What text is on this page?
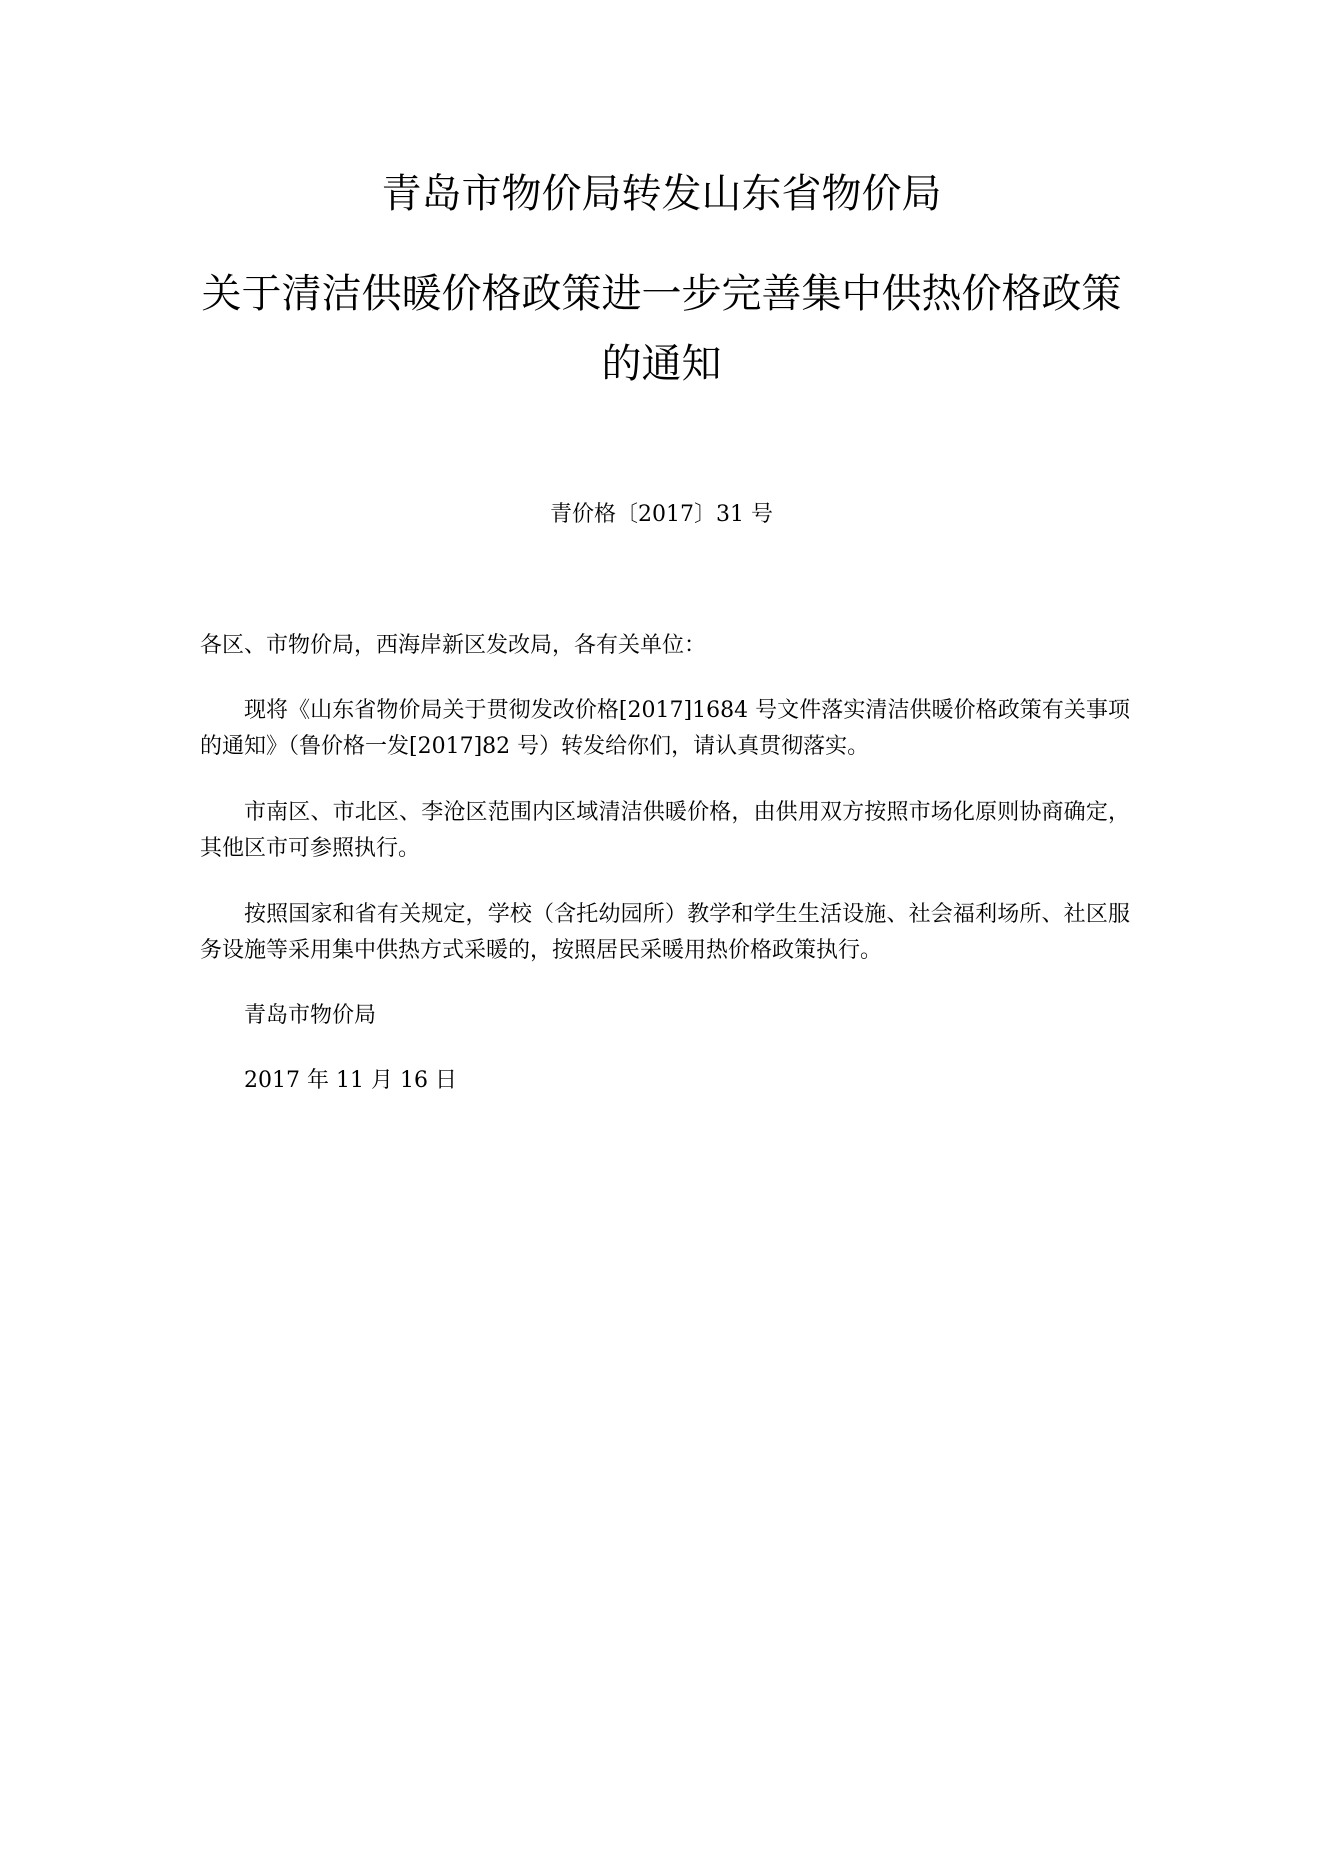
青岛市物价局转发山东省物价局
关于清洁供暖价格政策进一步完善集中供热价格政策
的通知
青价格〔2017〕31 号
各区、市物价局，西海岸新区发改局，各有关单位：
现将《山东省物价局关于贯彻发改价格[2017]1684 号文件落实清洁供暖价格政策有关事项的通知》（鲁价格一发[2017]82 号）转发给你们，请认真贯彻落实。
市南区、市北区、李沧区范围内区域清洁供暖价格，由供用双方按照市场化原则协商确定，其他区市可参照执行。
按照国家和省有关规定，学校（含托幼园所）教学和学生生活设施、社会福利场所、社区服务设施等采用集中供热方式采暖的，按照居民采暖用热价格政策执行。
青岛市物价局
2017 年 11 月 16 日
